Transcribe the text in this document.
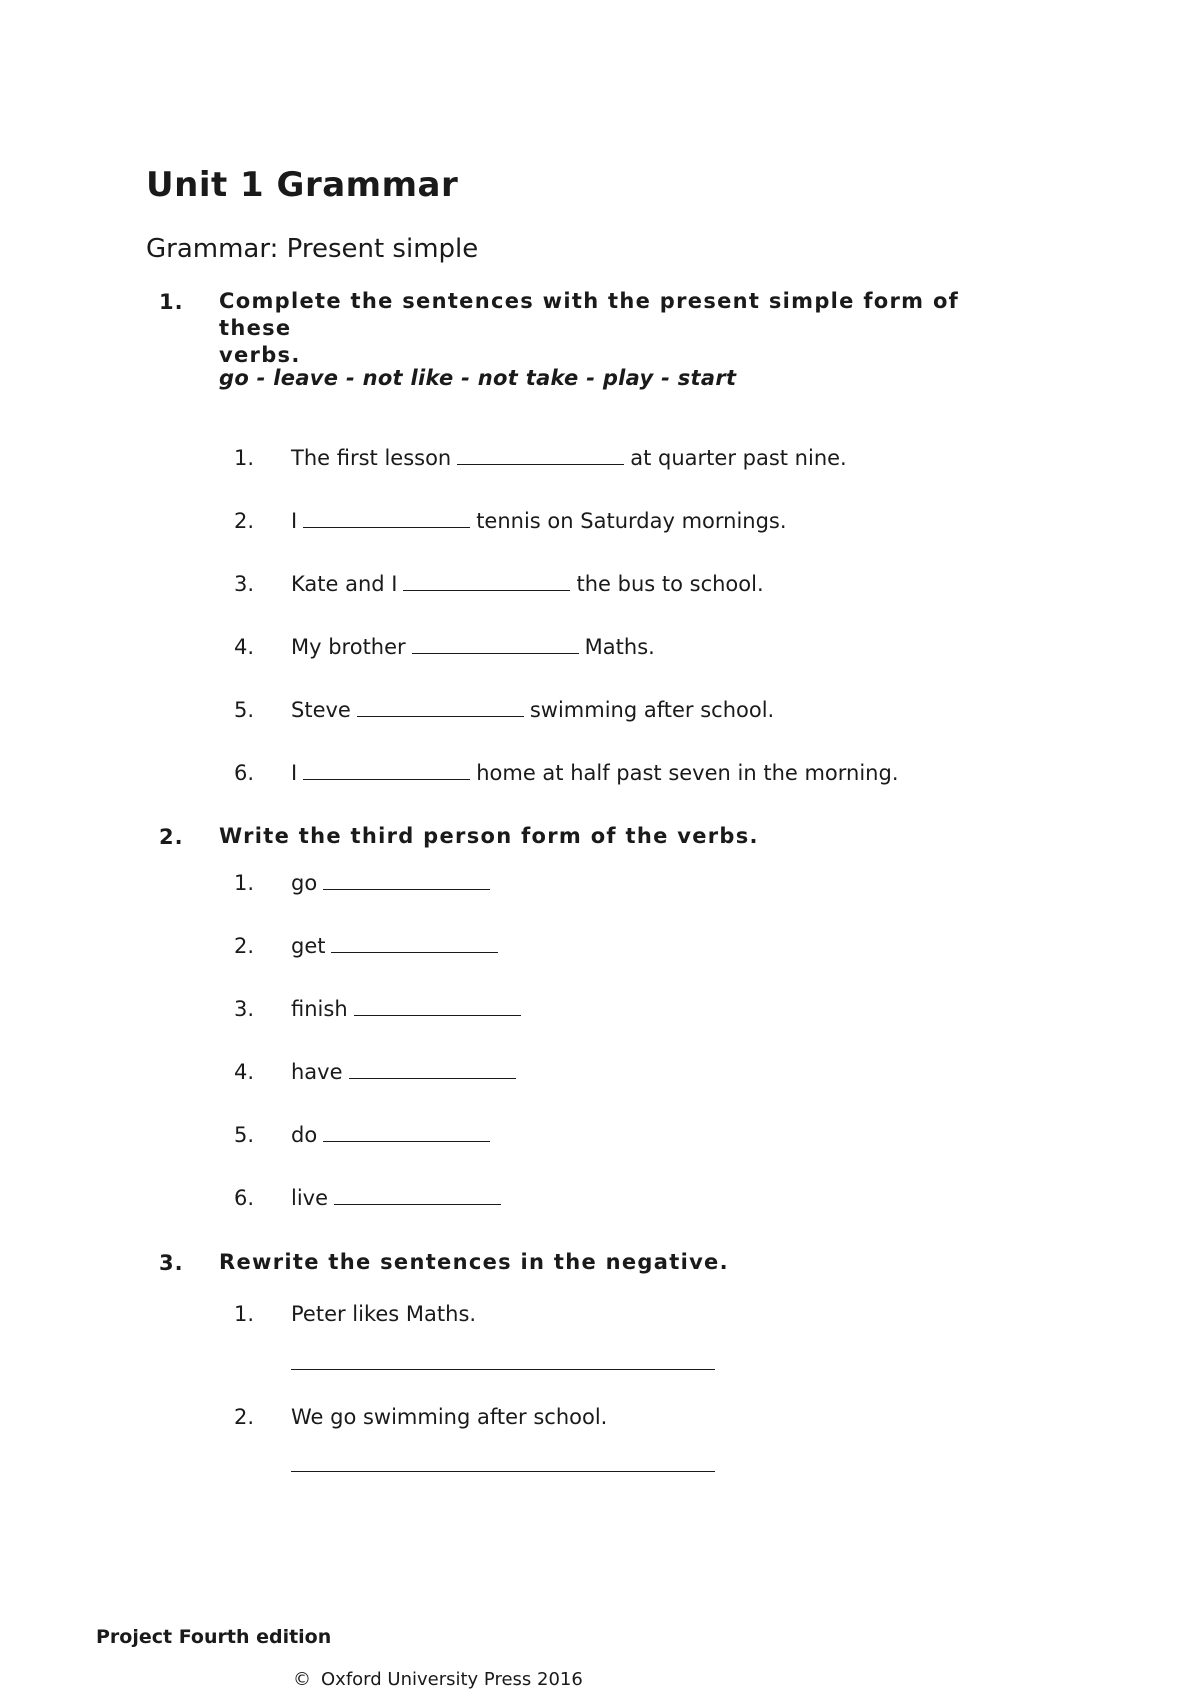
Unit 1 Grammar
Grammar: Present simple
1. Complete the sentences with the present simple form of these
verbs.
go - leave - not like - not take - play - start
1. The first lesson	at quarter past nine.
2. I	tennis on Saturday mornings.
3. Kate and I	the bus to school.
4. My brother	Maths.
5. Steve	swimming after school.
6. I	home at half past seven in the morning.
2. Write the third person form of the verbs.
1. go
2. get
3. finish
4. have
5. do
6. live
3. Rewrite the sentences in the negative.
1. Peter likes Maths.
2. We go swimming after school.
Project Fourth edition
© Oxford University Press 2016
